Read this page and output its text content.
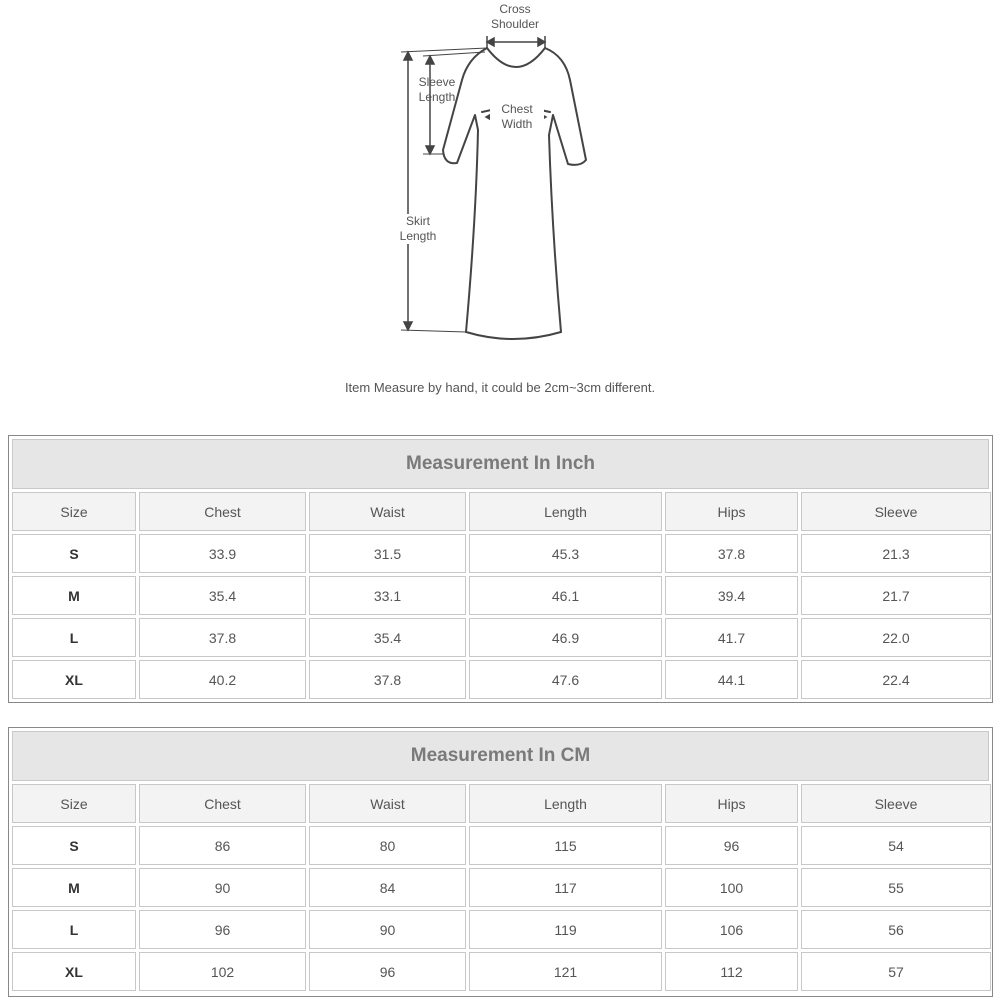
Cross
Shoulder
Sleeve
Length
Chest
Width
Skirt
Length
Item Measure by hand, it could be 2cm~3cm different.
Measurement In Inch
Size	Chest	Waist	Length	Hips	Sleeve
S	33.9	31.5	45.3	37.8	21.3
M	35.4	33.1	46.1	39.4	21.7
L	37.8	35.4	46.9	41.7	22.0
XL	40.2	37.8	47.6	44.1	22.4
Measurement In CM
Size	Chest	Waist	Length	Hips	Sleeve
S	86	80	115	96	54
M	90	84	117	100	55
L	96	90	119	106	56
XL	102	96	121	112	57
